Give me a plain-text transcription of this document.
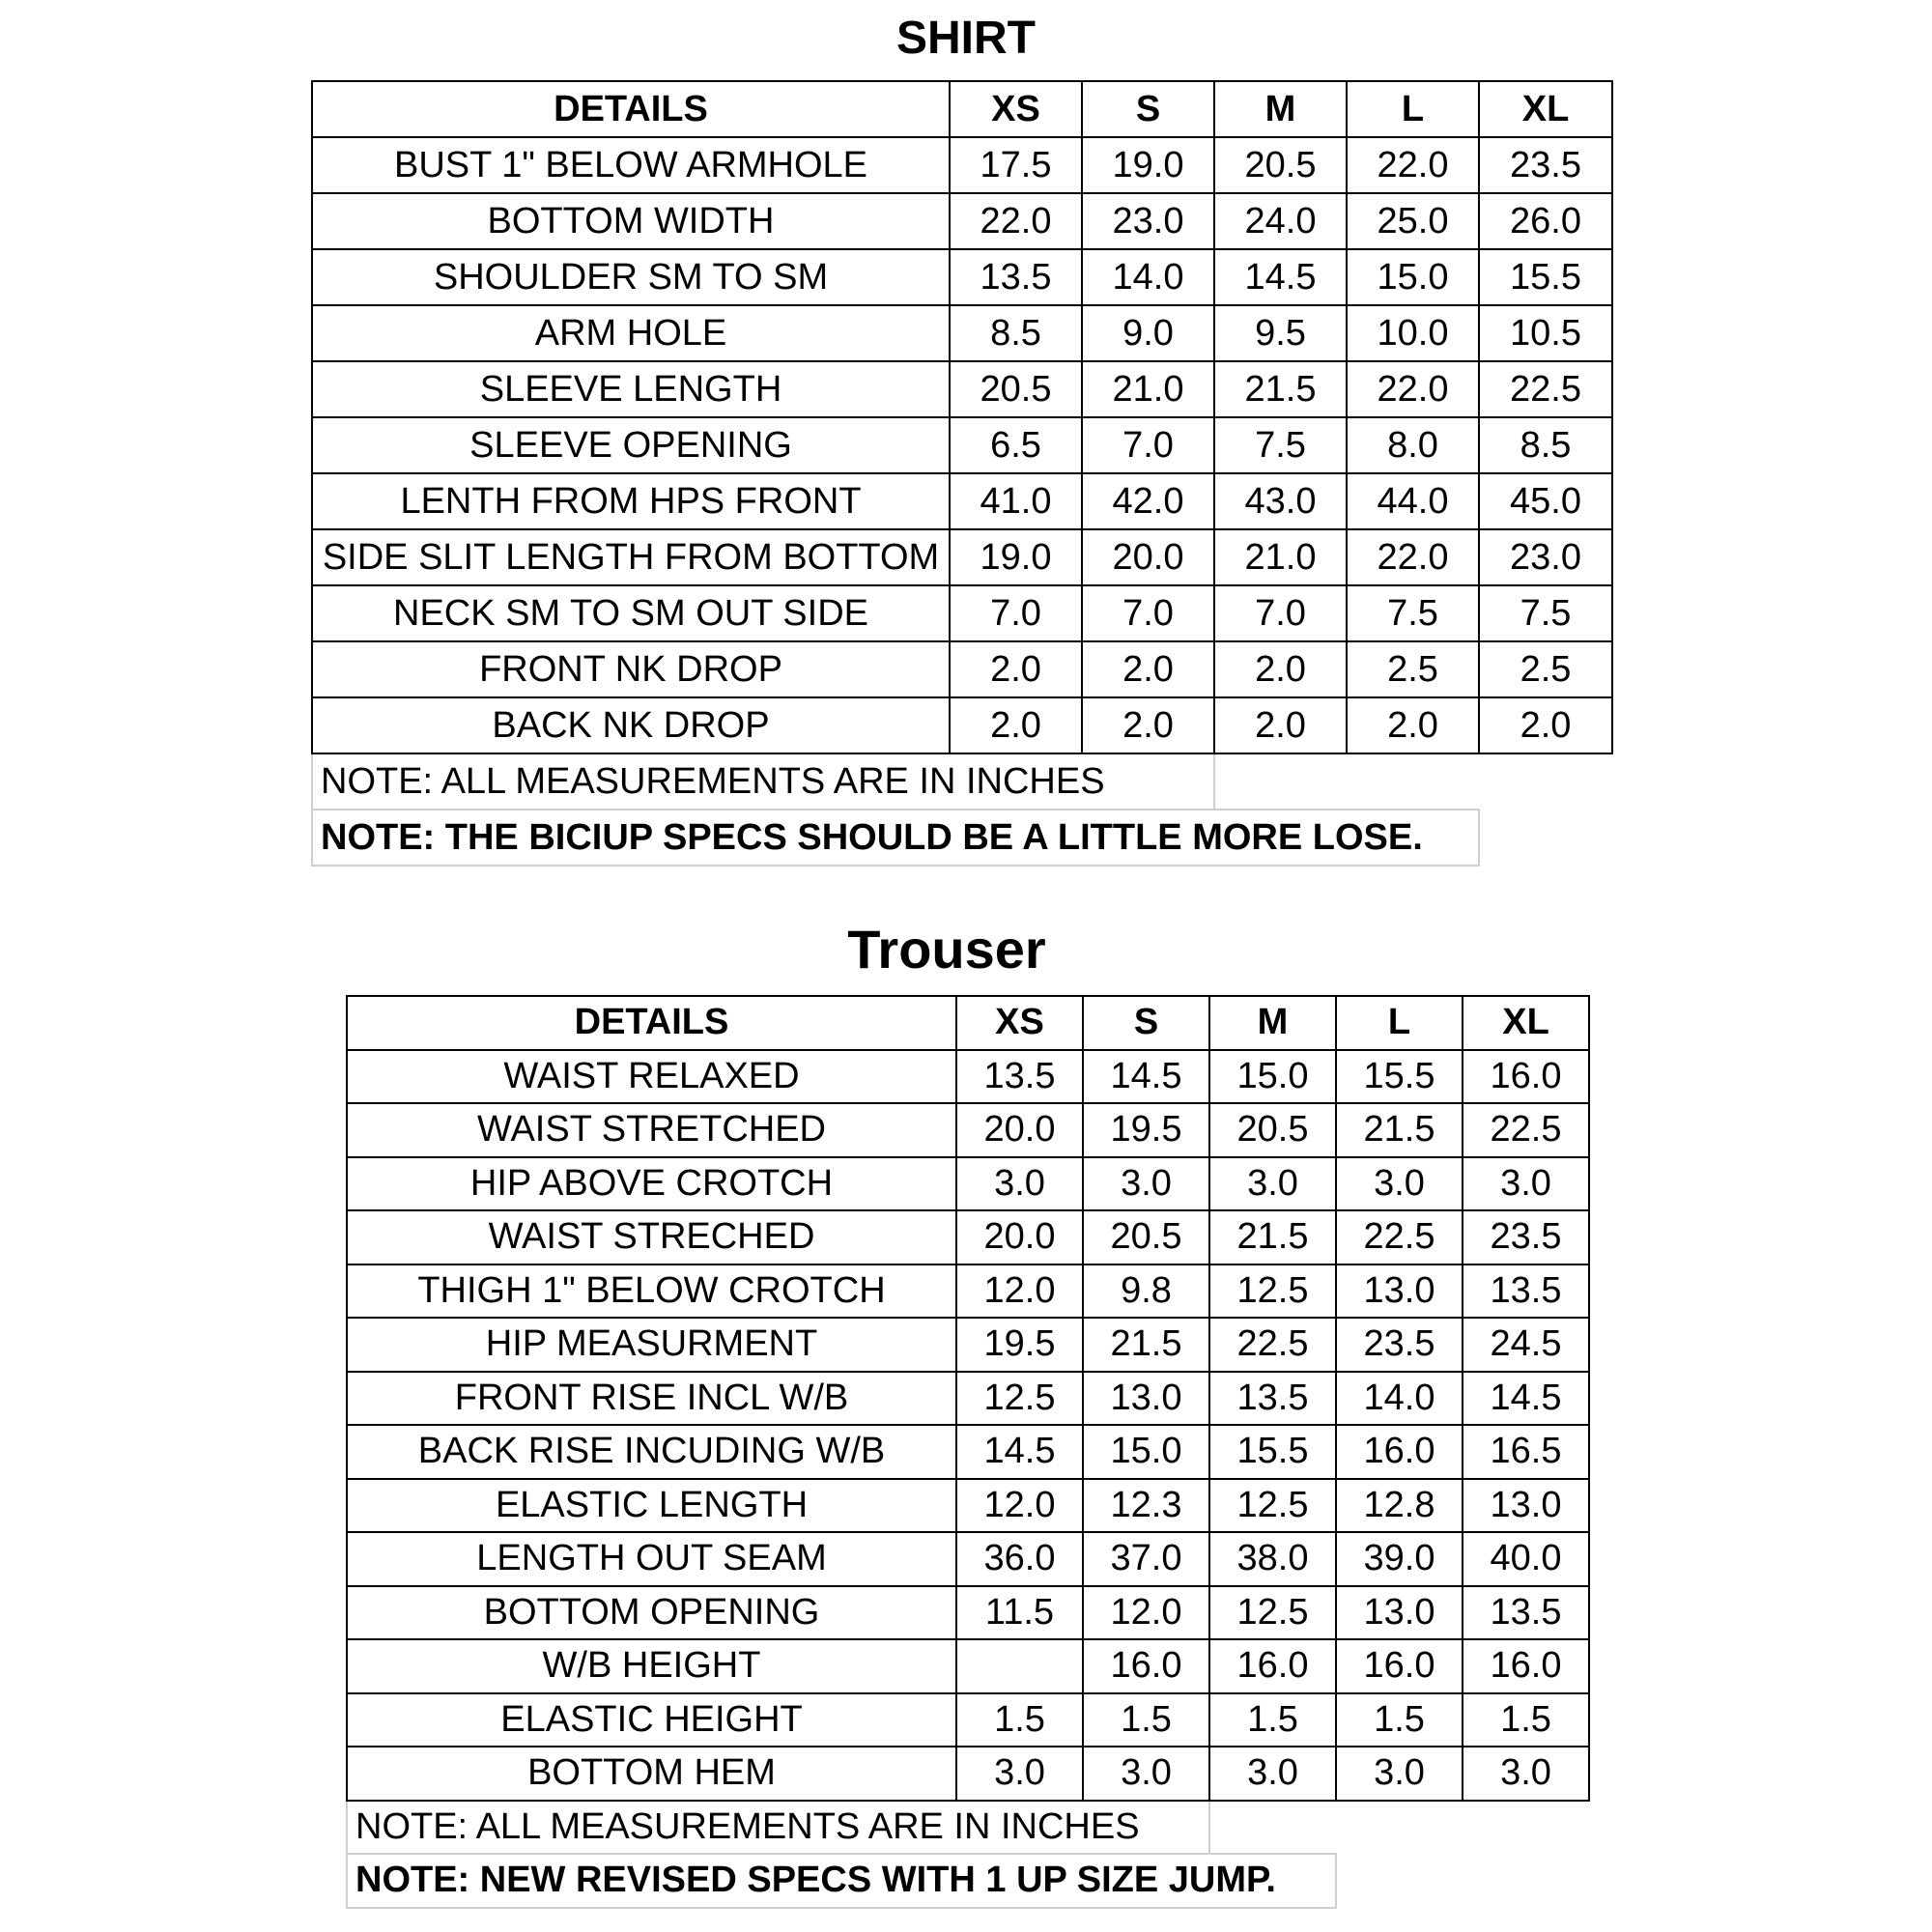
SHIRT
DETAILS	XS	S	M	L	XL
BUST 1" BELOW ARMHOLE	17.5	19.0	20.5	22.0	23.5
BOTTOM WIDTH	22.0	23.0	24.0	25.0	26.0
SHOULDER SM TO SM	13.5	14.0	14.5	15.0	15.5
ARM HOLE	8.5	9.0	9.5	10.0	10.5
SLEEVE LENGTH	20.5	21.0	21.5	22.0	22.5
SLEEVE OPENING	6.5	7.0	7.5	8.0	8.5
LENTH FROM HPS FRONT	41.0	42.0	43.0	44.0	45.0
SIDE SLIT LENGTH FROM BOTTOM	19.0	20.0	21.0	22.0	23.0
NECK SM TO SM OUT SIDE	7.0	7.0	7.0	7.5	7.5
FRONT NK DROP	2.0	2.0	2.0	2.5	2.5
BACK NK DROP	2.0	2.0	2.0	2.0	2.0
NOTE: ALL MEASUREMENTS ARE IN INCHES					
NOTE: THE BICIUP SPECS SHOULD BE A LITTLE MORE LOSE.					
Trouser
DETAILS	XS	S	M	L	XL
WAIST RELAXED	13.5	14.5	15.0	15.5	16.0
WAIST STRETCHED	20.0	19.5	20.5	21.5	22.5
HIP ABOVE CROTCH	3.0	3.0	3.0	3.0	3.0
WAIST STRECHED	20.0	20.5	21.5	22.5	23.5
THIGH 1" BELOW CROTCH	12.0	9.8	12.5	13.0	13.5
HIP MEASURMENT	19.5	21.5	22.5	23.5	24.5
FRONT RISE INCL W/B	12.5	13.0	13.5	14.0	14.5
BACK RISE INCUDING W/B	14.5	15.0	15.5	16.0	16.5
ELASTIC LENGTH	12.0	12.3	12.5	12.8	13.0
LENGTH OUT SEAM	36.0	37.0	38.0	39.0	40.0
BOTTOM OPENING	11.5	12.0	12.5	13.0	13.5
W/B HEIGHT		16.0	16.0	16.0	16.0
ELASTIC HEIGHT	1.5	1.5	1.5	1.5	1.5
BOTTOM HEM	3.0	3.0	3.0	3.0	3.0
NOTE: ALL MEASUREMENTS ARE IN INCHES					
NOTE: NEW REVISED SPECS WITH 1 UP SIZE JUMP.					
